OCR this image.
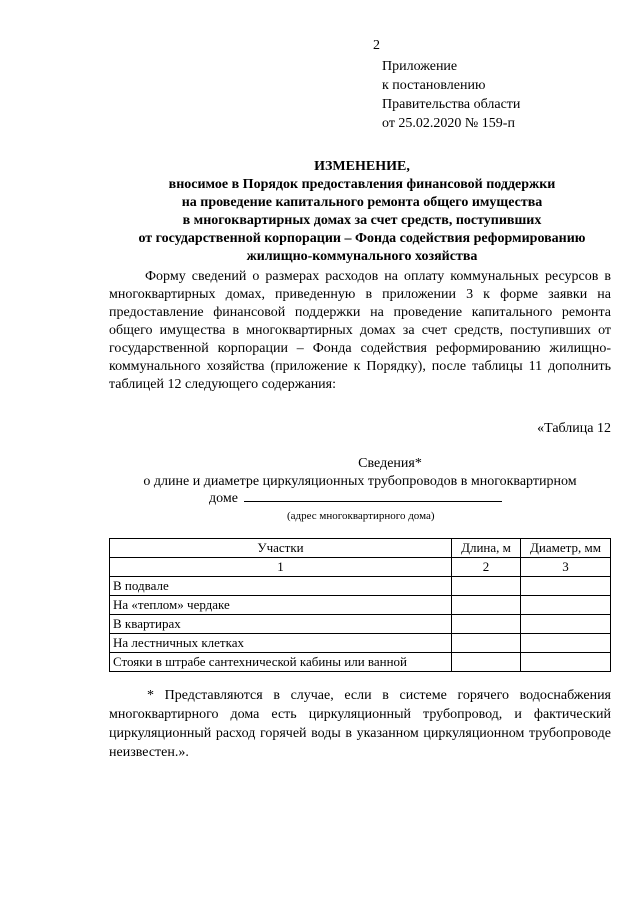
2
Приложение
к постановлению
Правительства области
от 25.02.2020 № 159-п
ИЗМЕНЕНИЕ,
вносимое в Порядок предоставления финансовой поддержки
на проведение капитального ремонта общего имущества
в многоквартирных домах за счет средств, поступивших
от государственной корпорации – Фонда содействия реформированию
жилищно-коммунального хозяйства
Форму сведений о размерах расходов на оплату коммунальных ресурсов в многоквартирных домах, приведенную в приложении 3 к форме заявки на предоставление финансовой поддержки на проведение капитального ремонта общего имущества в многоквартирных домах за счет средств, поступивших от государственной корпорации – Фонда содействия реформированию жилищно-коммунального хозяйства (приложение к Порядку), после таблицы 11 дополнить таблицей 12 следующего содержания:
«Таблица 12
Сведения*
о длине и диаметре циркуляционных трубопроводов в многоквартирном
доме
(адрес многоквартирного дома)
Участки	Длина, м	Диаметр, мм
1	2	3
В подвале		
На «теплом» чердаке		
В квартирах		
На лестничных клетках		
Стояки в штрабе сантехнической кабины или ванной		
* Представляются в случае, если в системе горячего водоснабжения многоквартирного дома есть циркуляционный трубопровод, и фактический циркуляционный расход горячей воды в указанном циркуляционном трубопроводе неизвестен.».
